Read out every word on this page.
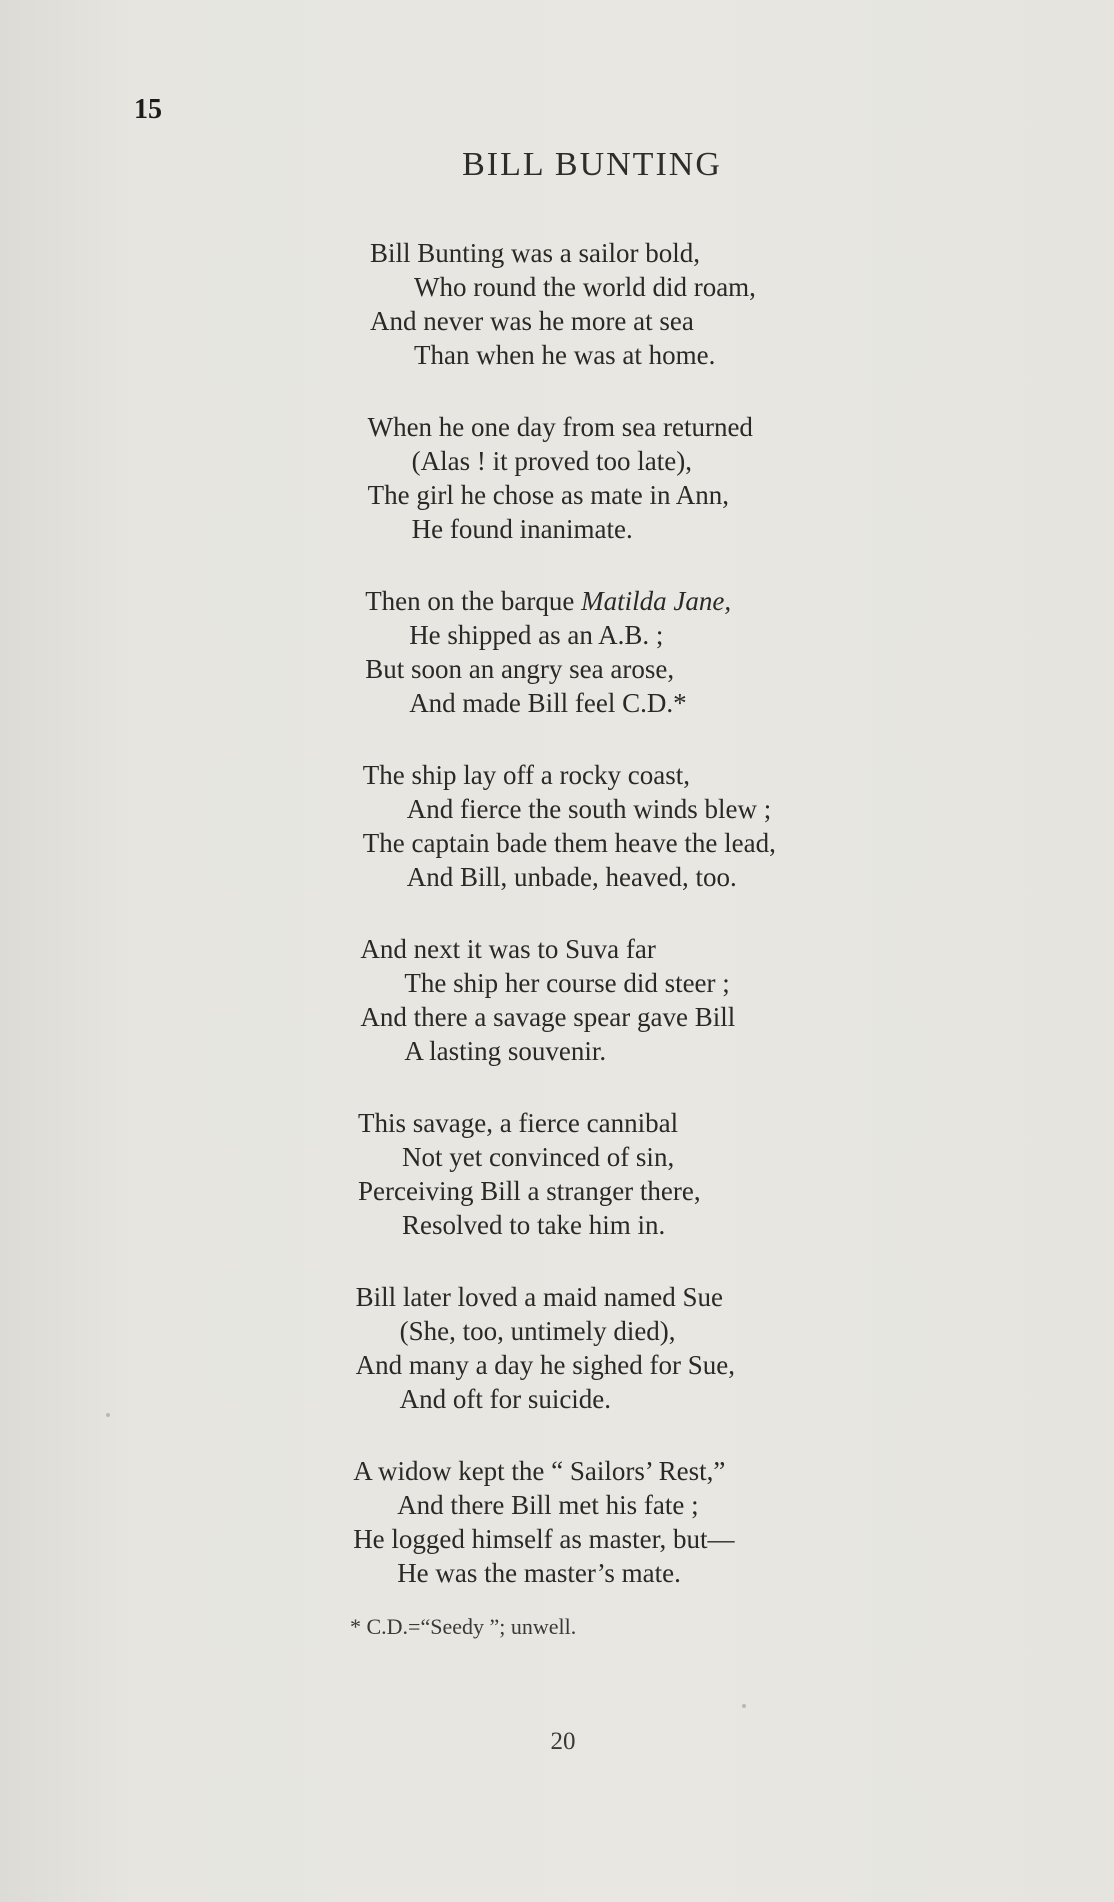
15
BILL BUNTING
Bill Bunting was a sailor bold,
Who round the world did roam,
And never was he more at sea
Than when he was at home.
When he one day from sea returned
(Alas ! it proved too late),
The girl he chose as mate in Ann,
He found inanimate.
Then on the barque Matilda Jane,
He shipped as an A.B. ;
But soon an angry sea arose,
And made Bill feel C.D.*
The ship lay off a rocky coast,
And fierce the south winds blew ;
The captain bade them heave the lead,
And Bill, unbade, heaved, too.
And next it was to Suva far
The ship her course did steer ;
And there a savage spear gave Bill
A lasting souvenir.
This savage, a fierce cannibal
Not yet convinced of sin,
Perceiving Bill a stranger there,
Resolved to take him in.
Bill later loved a maid named Sue
(She, too, untimely died),
And many a day he sighed for Sue,
And oft for suicide.
A widow kept the “ Sailors’ Rest,”
And there Bill met his fate ;
He logged himself as master, but—
He was the master’s mate.
* C.D.=“Seedy ”; unwell.
20
